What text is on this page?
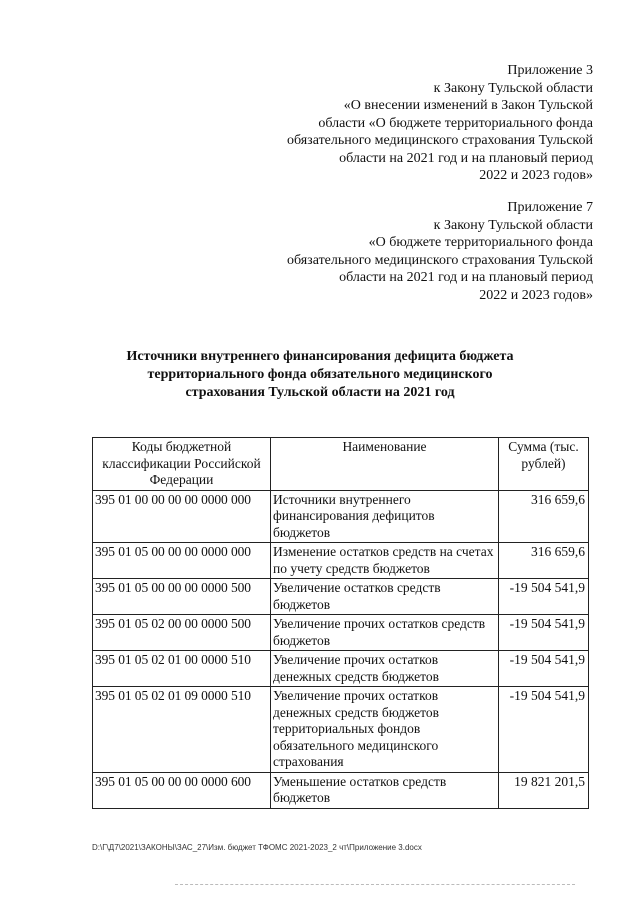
Приложение 3
к Закону Тульской области
«О внесении изменений в Закон Тульской
области «О бюджете территориального фонда
обязательного медицинского страхования Тульской
области на 2021 год и на плановый период
2022 и 2023 годов»
Приложение 7
к Закону Тульской области
«О бюджете территориального фонда
обязательного медицинского страхования Тульской
области на 2021 год и на плановый период
2022 и 2023 годов»
Источники внутреннего финансирования дефицита бюджета
территориального фонда обязательного медицинского
страхования Тульской области на 2021 год
Коды бюджетной классификации Российской Федерации	Наименование	Сумма (тыс. рублей)
395 01 00 00 00 00 0000 000	Источники внутреннего финансирования дефицитов бюджетов	316 659,6
395 01 05 00 00 00 0000 000	Изменение остатков средств на счетах по учету средств бюджетов	316 659,6
395 01 05 00 00 00 0000 500	Увеличение остатков средств бюджетов	-19 504 541,9
395 01 05 02 00 00 0000 500	Увеличение прочих остатков средств бюджетов	-19 504 541,9
395 01 05 02 01 00 0000 510	Увеличение прочих остатков денежных средств бюджетов	-19 504 541,9
395 01 05 02 01 09 0000 510	Увеличение прочих остатков денежных средств бюджетов территориальных фондов обязательного медицинского страхования	-19 504 541,9
395 01 05 00 00 00 0000 600	Уменьшение остатков средств бюджетов	19 821 201,5
D:\Г\Д7\2021\ЗАКОНЫ\ЗАС_27\Изм. бюджет ТФОМС 2021-2023_2 чт\Приложение 3.docx
